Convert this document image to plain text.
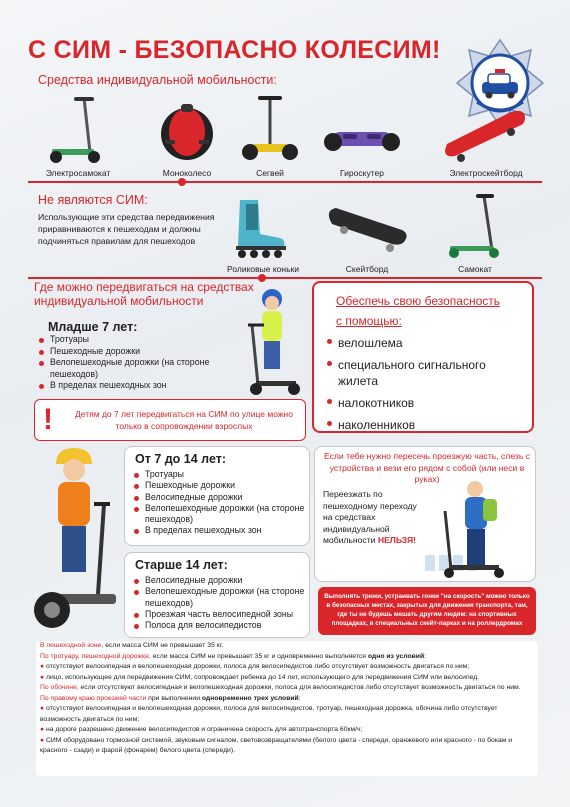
С СИМ - БЕЗОПАСНО КОЛЕСИМ!
Средства индивидуальной мобильности:
Электросамокат	Моноколесо	Сегвей	Гироскутер	Электроскейтборд
Не являются СИМ:
Использующие эти средства передвижения приравниваются к пешеходам и должны подчиняться правилам для пешеходов
Роликовые коньки	Скейтборд	Самокат
Где можно передвигаться на средствах индивидуальной мобильности
Младше 7 лет:
Тротуары
Пешеходные дорожки
Велопешеходные дорожки (на стороне пешеходов)
В пределах пешеходных зон
Обеспечь свою безопасность
с помощью:
велошлема
специального сигнального жилета
налокотников
наколенников
!	Детям до 7 лет передвигаться на СИМ по улице можно только в сопровождении взрослых
От 7 до 14 лет:
Тротуары
Пешеходные дорожки
Велосипедные дорожки
Велопешеходные дорожки (на стороне пешеходов)
В пределах пешеходных зон
Старше 14 лет:
Велосипедные дорожки
Велопешеходные дорожки (на стороне пешеходов)
Проезжая часть велосипедной зоны
Полоса для велосипедистов
Если тебе нужно пересечь проезжую часть, слезь с устройства и вези его рядом с собой (или неси в руках)
Переезжать по пешеходному переходу на средствах индивидуальной мобильности НЕЛЬЗЯ!
Выполнять трюки, устраивать гонки "на скорость" можно только в безопасных местах, закрытых для движения транспорта, там, где ты не будешь мешать другим людям: на спортивных площадках, в специальных скейт-парках и на роллердромах
В пешеходной зоне, если масса СИМ не превышает 35 кг.
По тротуару, пешеходной дорожке, если масса СИМ не превышает 35 кг и одновременно выполняется одно из условий:
● отсутствуют велосипедная и велопешеходная дорожки, полоса для велосипедистов либо отсутствует возможность двигаться по ним;
● лицо, использующее для передвижения СИМ, сопровождает ребенка до 14 лет, использующего для передвижения СИМ или велосипед.
По обочине, если отсутствуют велосипедная и велопешеходная дорожки, полоса для велосипедистов либо отсутствует возможность двигаться по ним.
По правому краю проезжей части при выполнении одновременно трех условий:
● отсутствуют велосипедная и велопешеходная дорожки, полоса для велосипедистов, тротуар, пешеходная дорожка, обочина либо отсутствует возможность двигаться по ним;
● на дороге разрешено движение велосипедистов и ограничена скорость для автотранспорта 60км/ч;
● СИМ оборудовано тормозной системой, звуковым сигналом, световозвращателями (белого цвета - спереди, оранжевого или красного - по бокам и красного - сзади) и фарой (фонарем) белого цвета (спереди).
